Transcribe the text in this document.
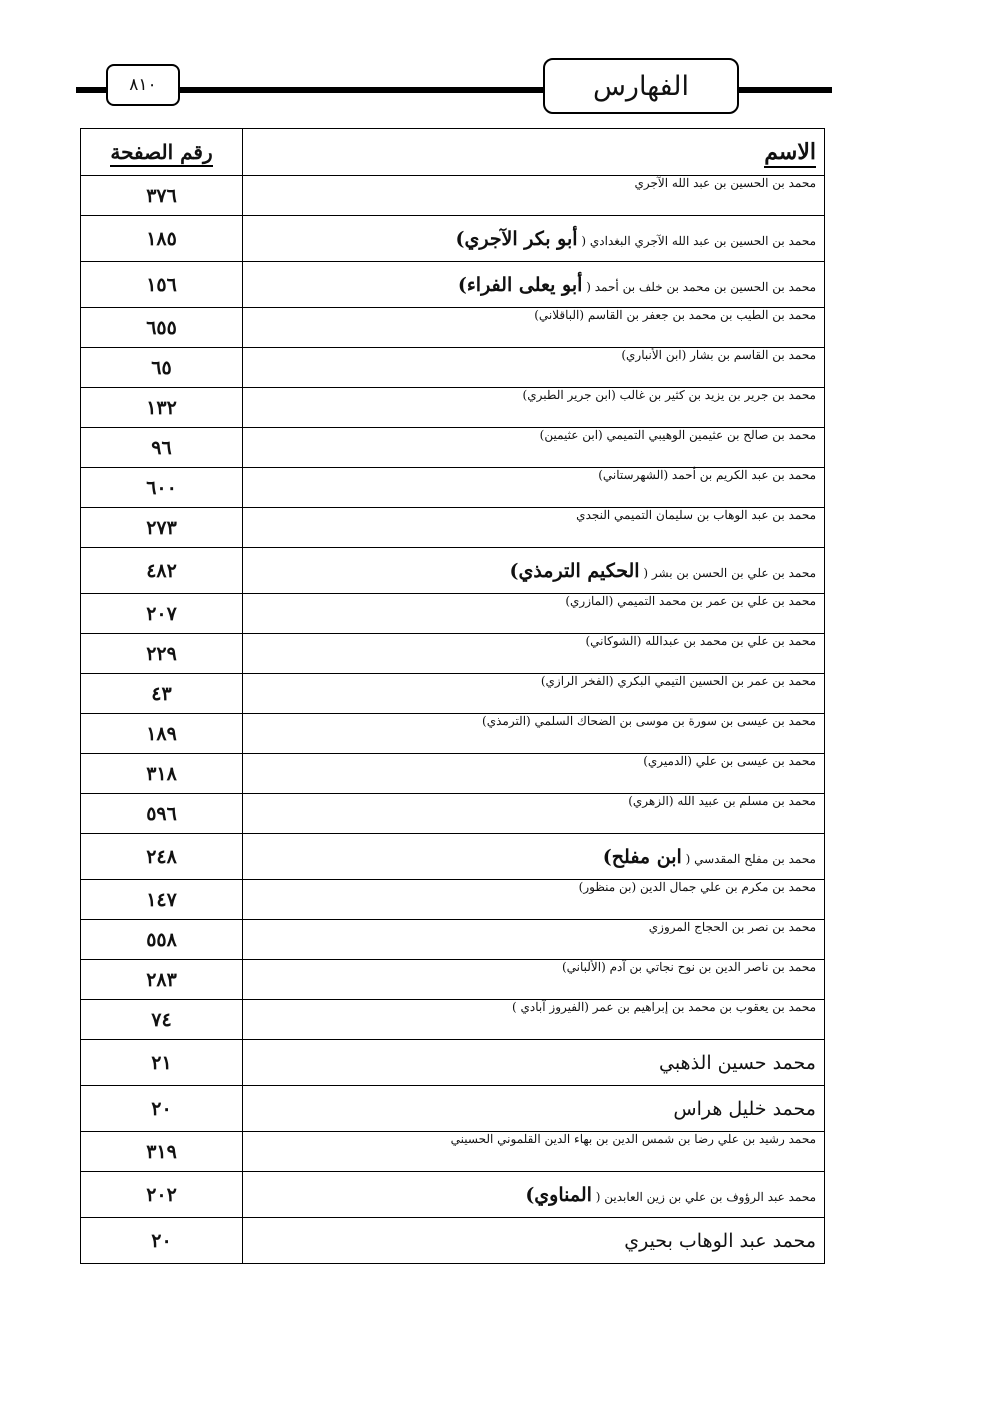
٨١٠	الفهارس
الاسم	رقم الصفحة
محمد بن الحسين بن عبد الله الآجري	٣٧٦
محمد بن الحسين بن عبد الله الآجري البغدادي ( أبو بكر الآجري)	١٨٥
محمد بن الحسين بن محمد بن خلف بن أحمد ( أبو يعلى الفراء)	١٥٦
محمد بن الطيب بن محمد بن جعفر بن القاسم (الباقلاني)	٦٥٥
محمد بن القاسم بن بشار (ابن الأنباري)	٦٥
محمد بن جرير بن يزيد بن كثير بن غالب (ابن جرير الطبري)	١٣٢
محمد بن صالح بن عثيمين الوهيبي التميمي (ابن عثيمين)	٩٦
محمد بن عبد الكريم بن أحمد (الشهرستاني)	٦٠٠
محمد بن عبد الوهاب بن سليمان التميمي النجدي	٢٧٣
محمد بن علي بن الحسن بن بشر ( الحكيم الترمذي)	٤٨٢
محمد بن علي بن عمر بن محمد التميمي (المازري)	٢٠٧
محمد بن علي بن محمد بن عبدالله (الشوكاني)	٢٢٩
محمد بن عمر بن الحسين التيمي البكري (الفخر الرازي)	٤٣
محمد بن عيسى بن سورة بن موسى بن الضحاك السلمي (الترمذي)	١٨٩
محمد بن عيسى بن علي (الدميري)	٣١٨
محمد بن مسلم بن عبيد الله (الزهري)	٥٩٦
محمد بن مفلح المقدسي ( ابن مفلح)	٢٤٨
محمد بن مكرم بن علي جمال الدين (بن منظور)	١٤٧
محمد بن نصر بن الحجاج المروزي	٥٥٨
محمد بن ناصر الدين بن نوح نجاتي بن آدم (الألباني)	٢٨٣
محمد بن يعقوب بن محمد بن إبراهيم بن عمر (الفيروز آبادي )	٧٤
محمد حسين الذهبي	٢١
محمد خليل هراس	٢٠
محمد رشيد بن علي رضا بن شمس الدين بن بهاء الدين القلموني الحسيني	٣١٩
محمد عبد الرؤوف بن علي بن زين العابدين ( المناوي)	٢٠٢
محمد عبد الوهاب بحيري	٢٠
